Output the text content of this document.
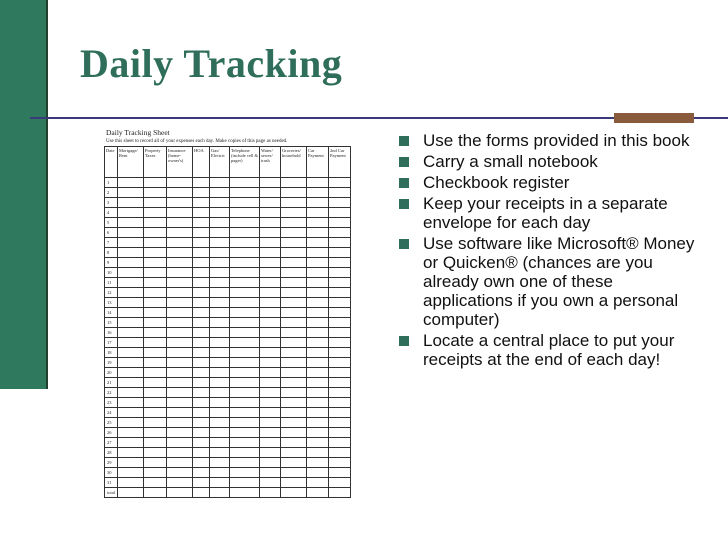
Daily Tracking
Daily Tracking Sheet
Use this sheet to record all of your expenses each day. Make copies of this page as needed.
Date	Mortgage/ Rent	Property Taxes	Insurance (home-owner's)	HOA	Gas/ Electric	Telephone (include cell & pager)	Water/ sewer/ trash	Groceries/ household	Car Payment	2nd Car Payment
1										
2										
3										
4										
5										
6										
7										
8										
9										
10										
11										
12										
13										
14										
15										
16										
17										
18										
19										
20										
21										
22										
23										
24										
25										
26										
27										
28										
29										
30										
31										
total										
Use the forms provided in this book
Carry a small notebook
Checkbook register
Keep your receipts in a separate envelope for each day
Use software like Microsoft® Money or Quicken® (chances are you already own one of these applications if you own a personal computer)
Locate a central place to put your receipts at the end of each day!
